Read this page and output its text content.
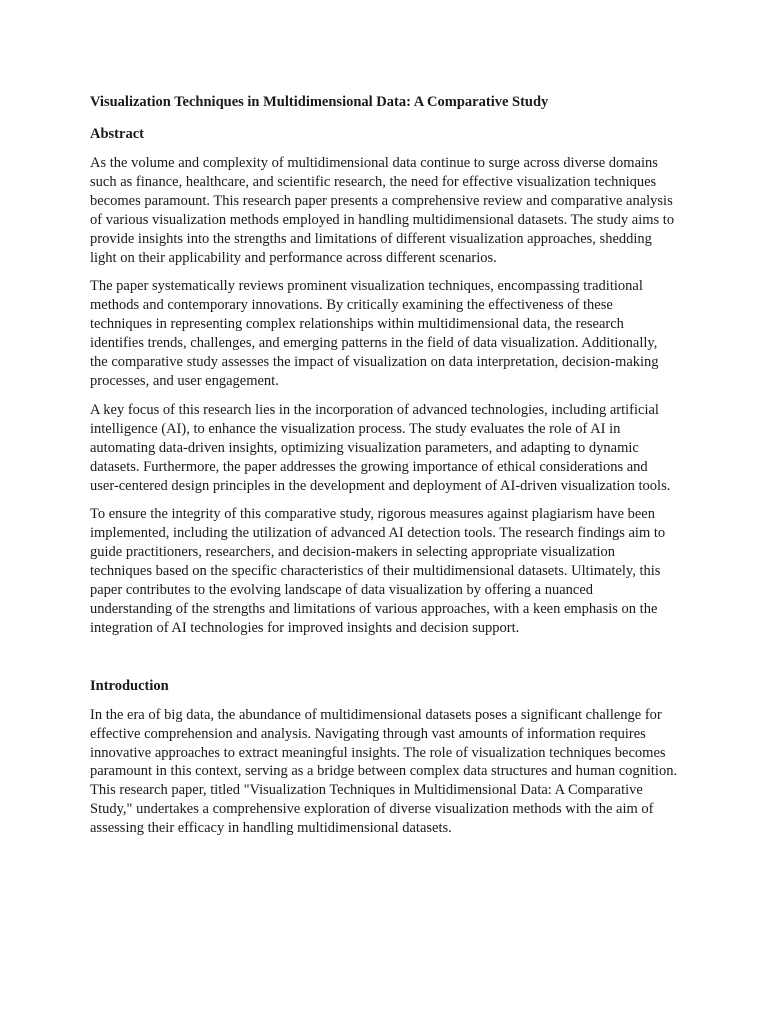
Visualization Techniques in Multidimensional Data: A Comparative Study
Abstract

As the volume and complexity of multidimensional data continue to surge across diverse domains such as finance, healthcare, and scientific research, the need for effective visualization techniques becomes paramount. This research paper presents a comprehensive review and comparative analysis of various visualization methods employed in handling multidimensional datasets. The study aims to provide insights into the strengths and limitations of different visualization approaches, shedding light on their applicability and performance across different scenarios.

The paper systematically reviews prominent visualization techniques, encompassing traditional methods and contemporary innovations. By critically examining the effectiveness of these techniques in representing complex relationships within multidimensional data, the research identifies trends, challenges, and emerging patterns in the field of data visualization. Additionally, the comparative study assesses the impact of visualization on data interpretation, decision-making processes, and user engagement.

A key focus of this research lies in the incorporation of advanced technologies, including artificial intelligence (AI), to enhance the visualization process. The study evaluates the role of AI in automating data-driven insights, optimizing visualization parameters, and adapting to dynamic datasets. Furthermore, the paper addresses the growing importance of ethical considerations and user-centered design principles in the development and deployment of AI-driven visualization tools.

To ensure the integrity of this comparative study, rigorous measures against plagiarism have been implemented, including the utilization of advanced AI detection tools. The research findings aim to guide practitioners, researchers, and decision-makers in selecting appropriate visualization techniques based on the specific characteristics of their multidimensional datasets. Ultimately, this paper contributes to the evolving landscape of data visualization by offering a nuanced understanding of the strengths and limitations of various approaches, with a keen emphasis on the integration of AI technologies for improved insights and decision support.

Introduction

In the era of big data, the abundance of multidimensional datasets poses a significant challenge for effective comprehension and analysis. Navigating through vast amounts of information requires innovative approaches to extract meaningful insights. The role of visualization techniques becomes paramount in this context, serving as a bridge between complex data structures and human cognition. This research paper, titled "Visualization Techniques in Multidimensional Data: A Comparative Study," undertakes a comprehensive exploration of diverse visualization methods with the aim of assessing their efficacy in handling multidimensional datasets.
